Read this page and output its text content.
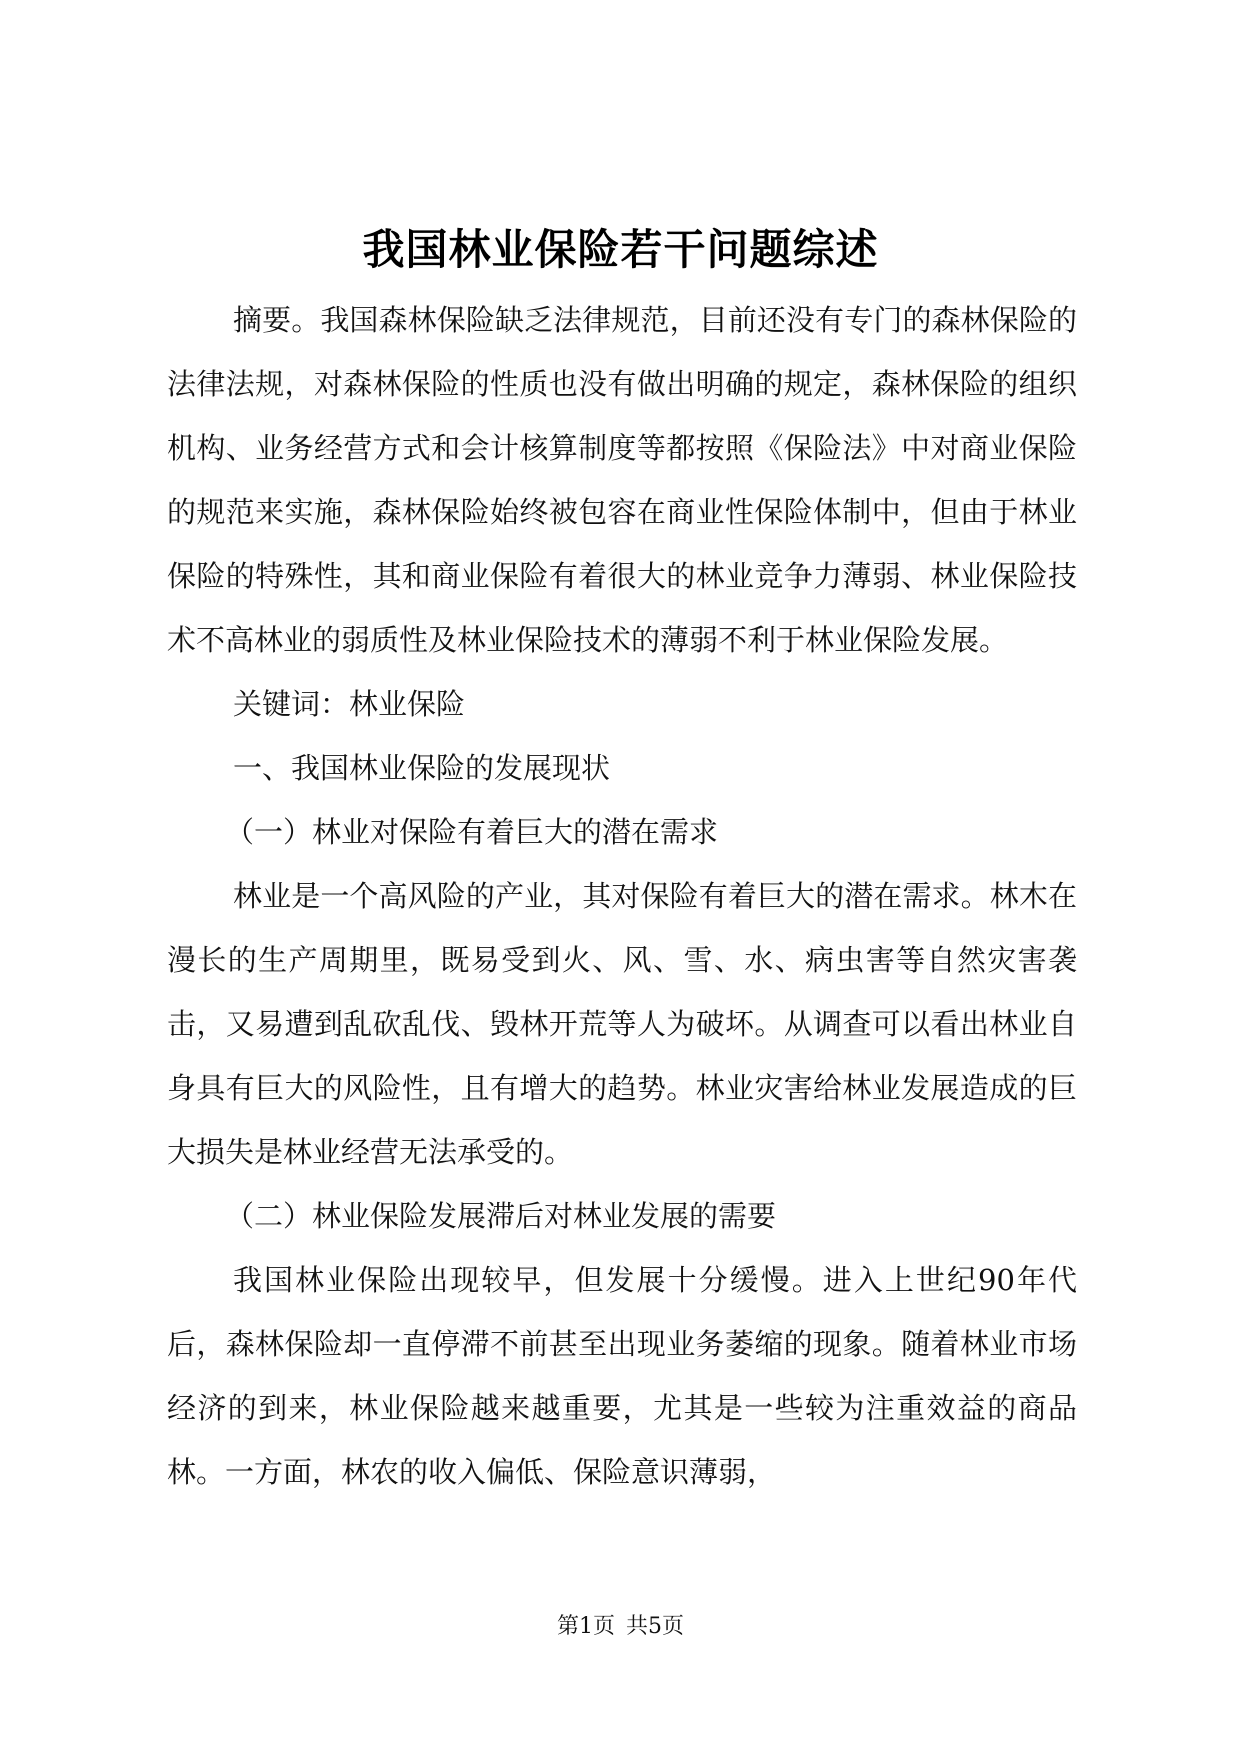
我国林业保险若干问题综述

摘要。我国森林保险缺乏法律规范，目前还没有专门的森林保险的法律法规，对森林保险的性质也没有做出明确的规定，森林保险的组织机构、业务经营方式和会计核算制度等都按照《保险法》中对商业保险的规范来实施，森林保险始终被包容在商业性保险体制中，但由于林业保险的特殊性，其和商业保险有着很大的林业竞争力薄弱、林业保险技术不高林业的弱质性及林业保险技术的薄弱不利于林业保险发展。

关键词：林业保险

一、我国林业保险的发展现状

（一）林业对保险有着巨大的潜在需求

林业是一个高风险的产业，其对保险有着巨大的潜在需求。林木在漫长的生产周期里，既易受到火、风、雪、水、病虫害等自然灾害袭击，又易遭到乱砍乱伐、毁林开荒等人为破坏。从调查可以看出林业自身具有巨大的风险性，且有增大的趋势。林业灾害给林业发展造成的巨大损失是林业经营无法承受的。

（二）林业保险发展滞后对林业发展的需要

我国林业保险出现较早，但发展十分缓慢。进入上世纪90年代后，森林保险却一直停滞不前甚至出现业务萎缩的现象。随着林业市场经济的到来，林业保险越来越重要，尤其是一些较为注重效益的商品林。一方面，林农的收入偏低、保险意识薄弱，

第1页 共5页
